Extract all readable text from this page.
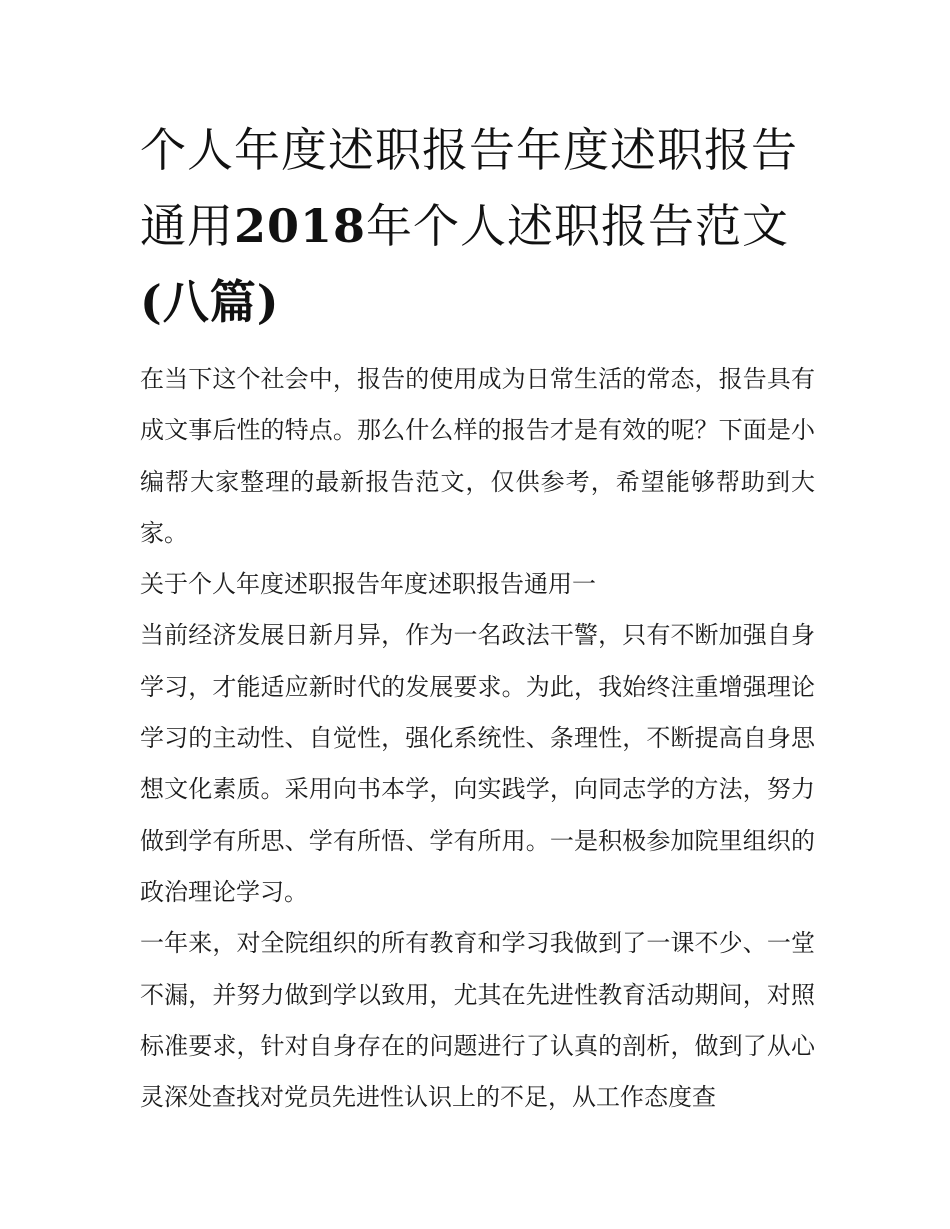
个人年度述职报告年度述职报告通用2018年个人述职报告范文(八篇)

在当下这个社会中，报告的使用成为日常生活的常态，报告具有成文事后性的特点。那么什么样的报告才是有效的呢？下面是小编帮大家整理的最新报告范文，仅供参考，希望能够帮助到大家。

关于个人年度述职报告年度述职报告通用一

当前经济发展日新月异，作为一名政法干警，只有不断加强自身学习，才能适应新时代的发展要求。为此，我始终注重增强理论学习的主动性、自觉性，强化系统性、条理性，不断提高自身思想文化素质。采用向书本学，向实践学，向同志学的方法，努力做到学有所思、学有所悟、学有所用。一是积极参加院里组织的政治理论学习。

一年来，对全院组织的所有教育和学习我做到了一课不少、一堂不漏，并努力做到学以致用，尤其在先进性教育活动期间，对照标准要求，针对自身存在的问题进行了认真的剖析，做到了从心灵深处查找对党员先进性认识上的不足，从工作态度查
